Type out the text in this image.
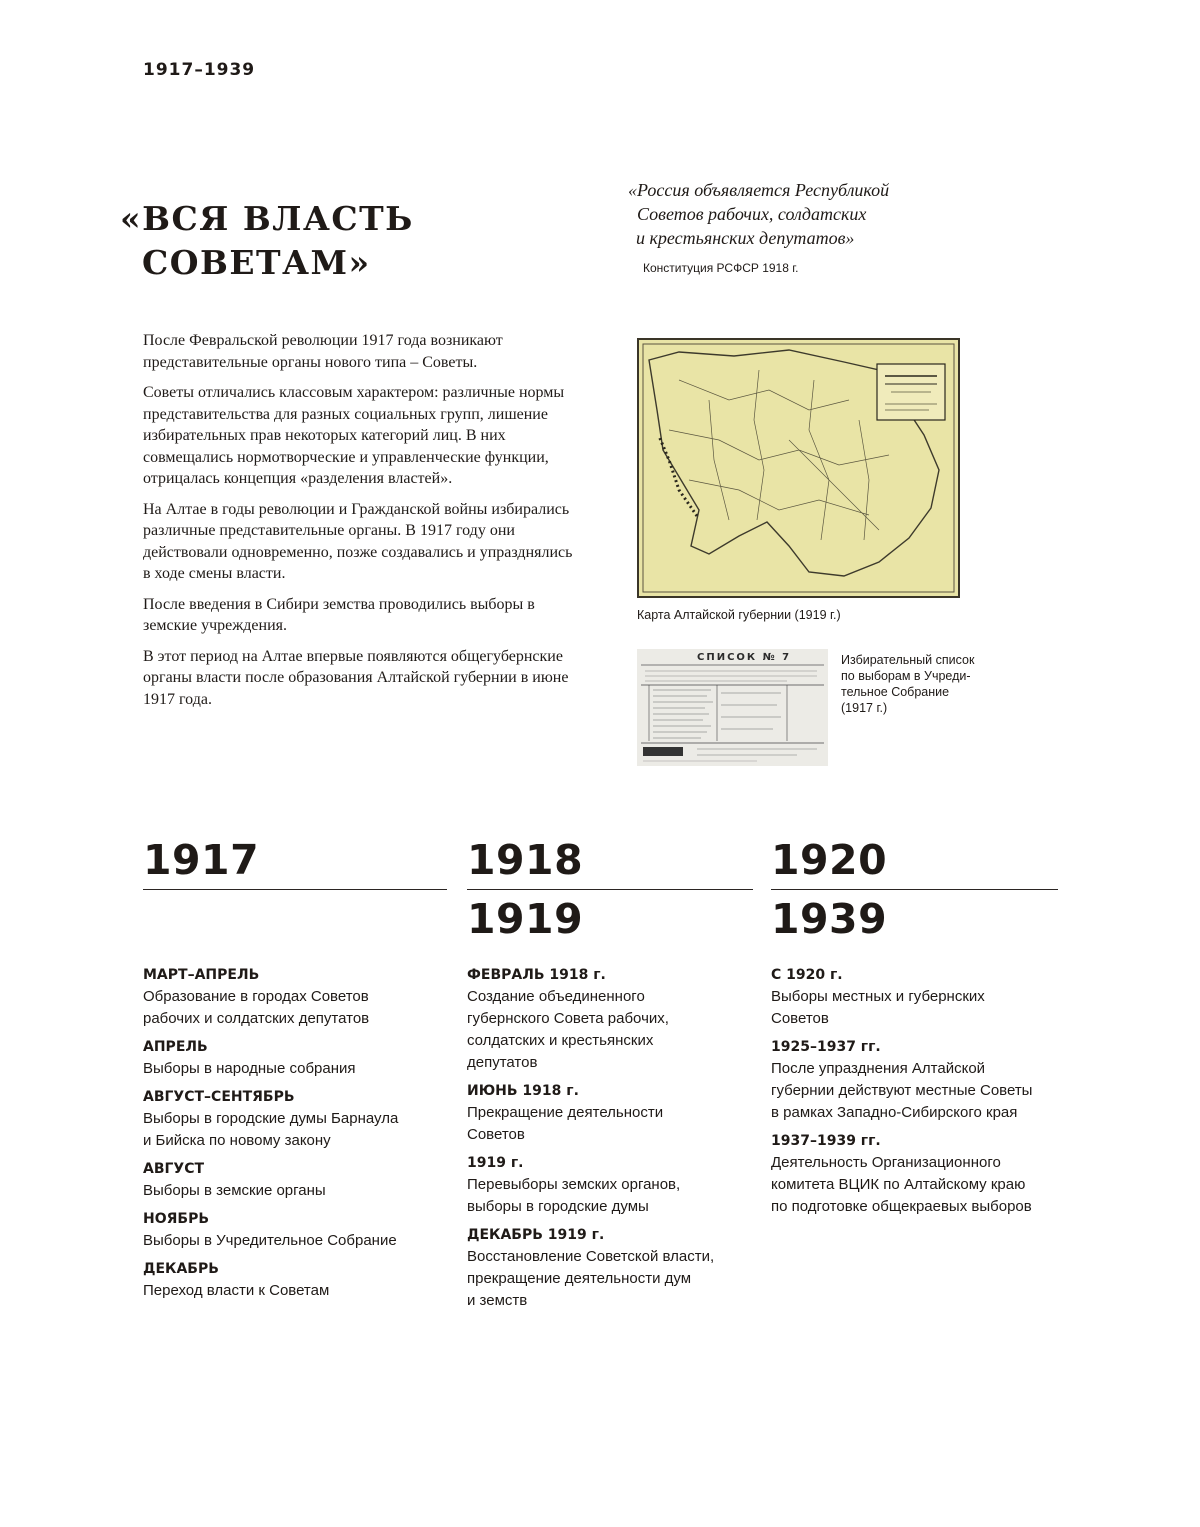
1917–1939
«ВСЯ ВЛАСТЬ
СОВЕТАМ»
«Россия объявляется Республикой
Советов рабочих, солдатских
и крестьянских депутатов»
Конституция РСФСР 1918 г.

После Февральской революции 1917 года возникают представительные органы нового типа – Советы.

Советы отличались классовым характером: различные нормы представительства для разных социальных групп, лишение избирательных прав некоторых категорий лиц. В них совмещались нормотворческие и управленческие функции, отрицалась концепция «разделения властей».

На Алтае в годы революции и Гражданской войны избирались различные представительные органы. В 1917 году они действовали одновременно, позже создавались и упразднялись в ходе смены власти.

После введения в Сибири земства проводились выборы в земские учреждения.

В этот период на Алтае впервые появляются общегубернские органы власти после образования Алтайской губернии в июне 1917 года.

Карта Алтайской губернии (1919 г.)
СПИСОК № 7	Избирательный список
по выборам в Учреди-
тельное Собрание
(1917 г.)
1917
МАРТ–АПРЕЛЬ
Образование в городах Советов
рабочих и солдатских депутатов
АПРЕЛЬ
Выборы в народные собрания
АВГУСТ–СЕНТЯБРЬ
Выборы в городские думы Барнаула
и Бийска по новому закону
АВГУСТ
Выборы в земские органы
НОЯБРЬ
Выборы в Учредительное Собрание
ДЕКАБРЬ
Переход власти к Советам
1918
1919
ФЕВРАЛЬ 1918 г.
Создание объединенного
губернского Совета рабочих,
солдатских и крестьянских
депутатов
ИЮНЬ 1918 г.
Прекращение деятельности
Советов
1919 г.
Перевыборы земских органов,
выборы в городские думы
ДЕКАБРЬ 1919 г.
Восстановление Советской власти,
прекращение деятельности дум
и земств
1920
1939
С 1920 г.
Выборы местных и губернских
Советов
1925–1937 гг.
После упразднения Алтайской
губернии действуют местные Советы
в рамках Западно-Сибирского края
1937–1939 гг.
Деятельность Организационного
комитета ВЦИК по Алтайскому краю
по подготовке общекраевых выборов
